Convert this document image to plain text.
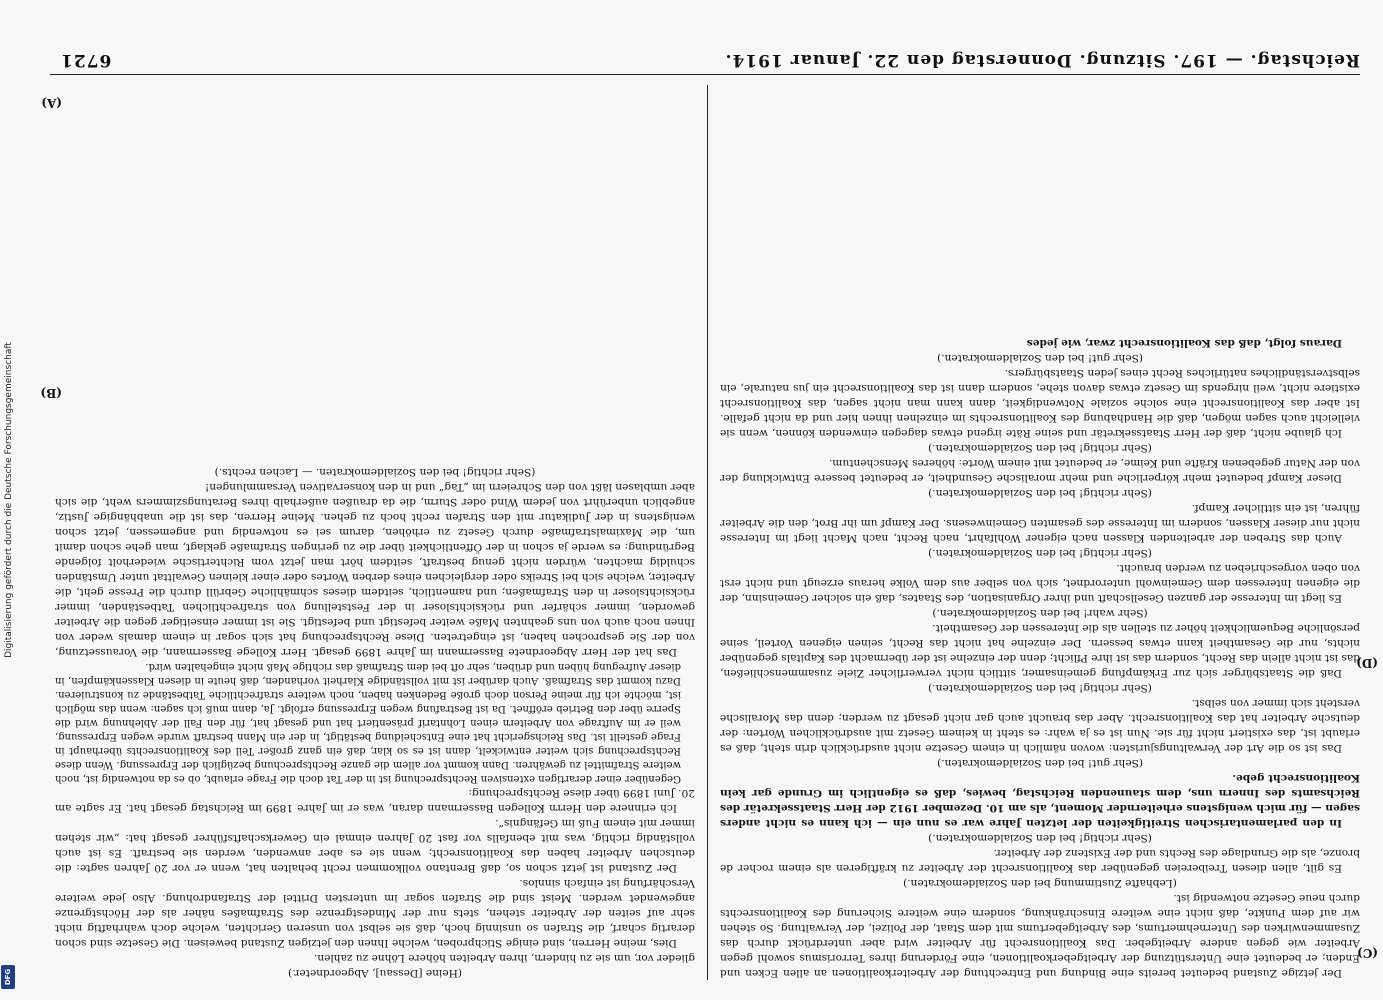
Reichstag. — 197. Sitzung. Donnerstag den 22. Januar 1914.
6721

Der jetzige Zustand bedeutet bereits eine Bindung und Entrechtung der Arbeiterkoalitionen an allen Ecken und Enden; er bedeutet eine Unterstützung der Arbeitgeberkoalitionen, eine Förderung ihres Terrorismus sowohl gegen Arbeiter wie gegen andere Arbeitgeber. Das Koalitionsrecht für Arbeiter wird aber unterdrückt durch das Zusammenwirken des Unternehmertums, des Arbeitgebertums mit dem Staat, der Polizei, der Verwaltung. So stehen wir auf dem Punkte, daß nicht eine weitere Einschränkung, sondern eine weitere Sicherung des Koalitionsrechts durch neue Gesetze notwendig ist.

(Lebhafte Zustimmung bei den Sozialdemokraten.)

Es gilt, allen diesen Treibereien gegenüber das Koalitionsrecht der Arbeiter zu kräftigeren als einem rocher de bronze, als die Grundlage des Rechts und der Existenz der Arbeiter.

(Sehr richtig! bei den Sozialdemokraten.)

In den parlamentarischen Streitigkeiten der letzten Jahre war es nun ein — ich kann es nicht anders sagen — für mich wenigstens erheiternder Moment, als am 10. Dezember 1912 der Herr Staatssekretär des Reichsamts des Innern uns, dem staunenden Reichstag, bewies, daß es eigentlich im Grunde gar kein Koalitionsrecht gebe.

(Sehr gut! bei den Sozialdemokraten.)

Das ist so die Art der Verwaltungsjuristen: wovon nämlich in einem Gesetze nicht ausdrücklich drin steht, daß es erlaubt ist, das existiert nicht für sie. Nun ist es ja wahr: es steht in keinem Gesetz mit ausdrücklichen Worten: der deutsche Arbeiter hat das Koalitionsrecht. Aber das braucht auch gar nicht gesagt zu werden; denn das Moralische versteht sich immer von selbst.

(Sehr richtig! bei den Sozialdemokraten.)

Daß die Staatsbürger sich zur Erkämpfung gemeinsamer, sittlich nicht verwerflicher Ziele zusammenschließen, das ist nicht allein das Recht, sondern das ist ihre Pflicht; denn der einzelne ist der übermacht des Kapitals gegenüber nichts, nur die Gesamtheit kann etwas bessern. Der einzelne hat nicht das Recht, seinen eigenen Vorteil, seine persönliche Bequemlichkeit höher zu stellen als die Interessen der Gesamtheit.

(Sehr wahr! bei den Sozialdemokraten.)

Es liegt im Interesse der ganzen Gesellschaft und ihrer Organisation, des Staates, daß ein solcher Gemeinsinn, der die eigenen Interessen dem Gemeinwohl unterordnet, sich von selber aus dem Volke heraus erzeugt und nicht erst von oben vorgeschrieben zu werden braucht.

(Sehr richtig! bei den Sozialdemokraten.)

Auch das Streben der arbeitenden Klassen nach eigener Wohlfahrt, nach Recht, nach Macht liegt im Interesse nicht nur dieser Klassen, sondern im Interesse des gesamten Gemeinwesens. Der Kampf um ihr Brot, den die Arbeiter führen, ist ein sittlicher Kampf.

(Sehr richtig! bei den Sozialdemokraten.)

Dieser Kampf bedeutet mehr körperliche und mehr moralische Gesundheit, er bedeutet bessere Entwicklung der von der Natur gegebenen Kräfte und Keime, er bedeutet mit einem Worte: höheres Menschentum.

(Sehr richtig! bei den Sozialdemokraten.)

Ich glaube nicht, daß der Herr Staatssekretär und seine Räte irgend etwas dagegen einwenden können, wenn sie vielleicht auch sagen mögen, daß die Handhabung des Koalitionsrechts im einzelnen ihnen hier und da nicht gefalle. Ist aber das Koalitionsrecht eine solche soziale Notwendigkeit, dann kann man nicht sagen, das Koalitionsrecht existiere nicht, weil nirgends im Gesetz etwas davon stehe, sondern dann ist das Koalitionsrecht ein jus naturale, ein selbstverständliches natürliches Recht eines jeden Staatsbürgers.

(Sehr gut! bei den Sozialdemokraten.)

Daraus folgt, daß das Koalitionsrecht zwar, wie jedes

(Heine [Dessau], Abgeordneter.)

glieder vor, um sie zu hindern, ihren Arbeiten höhere Löhne zu zahlen.

Dies, meine Herren, sind einige Stichproben, welche Ihnen den jetzigen Zustand beweisen. Die Gesetze sind schon derartig scharf, die Strafen so unsinnig hoch, daß sie selbst von unseren Gerichten, welche doch wahrhaftig nicht sehr auf seiten der Arbeiter stehen, stets nur der Mindestgrenze des Strafmaßes näher als der Höchstgrenze angewendet werden. Meist sind die Strafen sogar im untersten Drittel der Strafandrohung. Also jede weitere Verschärfung ist einfach sinnlos.

Der Zustand ist jetzt schon so, daß Brentano vollkommen recht behalten hat, wenn er vor 20 Jahren sagte: die deutschen Arbeiter haben das Koalitionsrecht; wenn sie es aber anwenden, werden sie bestraft. Es ist auch vollständig richtig, was mit ebenfalls vor fast 20 Jahren einmal ein Gewerkschaftsführer gesagt hat: „wir stehen immer mit einem Fuß im Gefängnis“.

Ich erinnere den Herrn Kollegen Bassermann daran, was er im Jahre 1899 im Reichstag gesagt hat. Er sagte am 20. Juni 1899 über diese Rechtsprechung:

Gegenüber einer derartigen extensiven Rechtsprechung ist in der Tat doch die Frage erlaubt, ob es da notwendig ist, noch weitere Strafmittel zu gewähren. Dann kommt vor allem die ganze Rechtsprechung bezüglich der Erpressung. Wenn diese Rechtsprechung sich weiter entwickelt, dann ist es so klar, daß ein ganz großer Teil des Koalitionsrechts überhaupt in Frage gestellt ist. Das Reichsgericht hat eine Entscheidung bestätigt, in der ein Mann bestraft wurde wegen Erpressung, weil er im Auftrage von Arbeitern einen Lohntarif präsentiert hat und gesagt hat, für den Fall der Ablehnung wird die Sperre über den Betrieb eröffnet. Da ist Bestrafung wegen Erpressung erfolgt. Ja, dann muß ich sagen: wenn das möglich ist, möchte ich für meine Person doch große Bedenken haben, noch weitere strafrechtliche Tatbestände zu konstruieren. Dazu kommt das Strafmaß. Auch darüber ist mit vollständige Klarheit vorhanden, daß heute in diesen Klassenkämpfen, in dieser Aufregung hüben und drüben, sehr oft bei dem Strafmaß das richtige Maß nicht eingehalten wird.

Das hat der Herr Abgeordnete Bassermann im Jahre 1899 gesagt. Herr Kollege Bassermann, die Voraussetzung, von der Sie gesprochen haben, ist eingetreten. Diese Rechtsprechung hat sich sogar in einem damals weder von Ihnen noch auch von uns geahnten Maße weiter befestigt und befestigt. Sie ist immer einseitiger gegen die Arbeiter geworden, immer schärfer und rücksichtsloser in der Feststellung von strafrechtlichen Tatbeständen, immer rücksichtsloser in den Strafmaßen; und namentlich, seitdem dieses schmähliche Gebrüll durch die Presse geht, die Arbeiter, welche sich bei Streiks oder dergleichen eines derben Wortes oder einer kleinen Gewalttat unter Umständen schuldig machten, würden nicht genug bestraft, seitdem hört man jetzt vom Richtertische wiederholt folgende Begründung: es werde ja schon in der Öffentlichkeit über die zu geringen Strafmaße geklagt, man gehe schon damit um, die Maximalstrafmaße durch Gesetz zu erhöhen, darum sei es notwendig und angemessen, jetzt schon wenigstens in der Judikatur mit den Strafen recht hoch zu gehen. Meine Herren, das ist die unabhängige Justiz, angeblich unberührt von jedem Wind oder Sturm, die da draußen außerhalb ihres Beratungszimmers weht, die sich aber umblasen läßt von den Schreiern im „Tag“ und in den konservativen Versammlungen!

(Sehr richtig! bei den Sozialdemokraten. — Lachen rechts.)

(C)
(D)
(A)
(B)
Digitalisierung gefördert durch die Deutsche Forschungsgemeinschaft
DFG
